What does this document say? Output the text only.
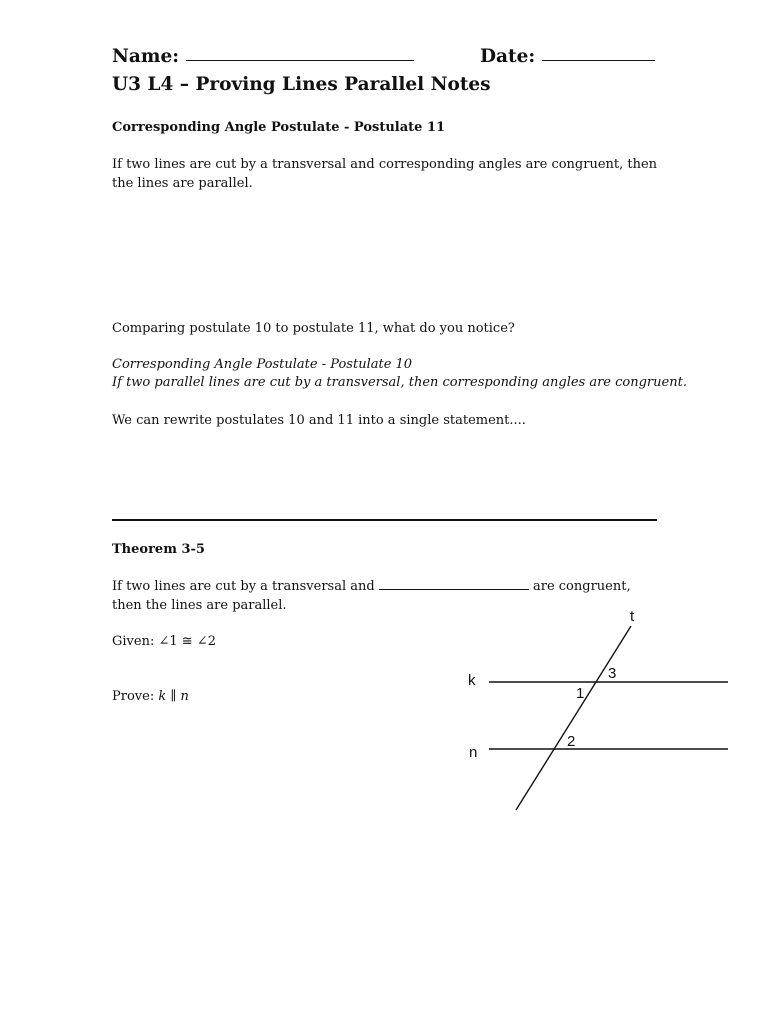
Name:	Date:
U3 L4 – Proving Lines Parallel Notes
Corresponding Angle Postulate - Postulate 11
If two lines are cut by a transversal and corresponding angles are congruent, then
the lines are parallel.
Comparing postulate 10 to postulate 11, what do you notice?
Corresponding Angle Postulate - Postulate 10
If two parallel lines are cut by a transversal, then corresponding angles are congruent.
We can rewrite postulates 10 and 11 into a single statement....
Theorem 3-5
If two lines are cut by a transversal and	are congruent,
then the lines are parallel.
Given: ∠1 ≅ ∠2
Prove: k ∥ n
k
n
t
1
3
2
